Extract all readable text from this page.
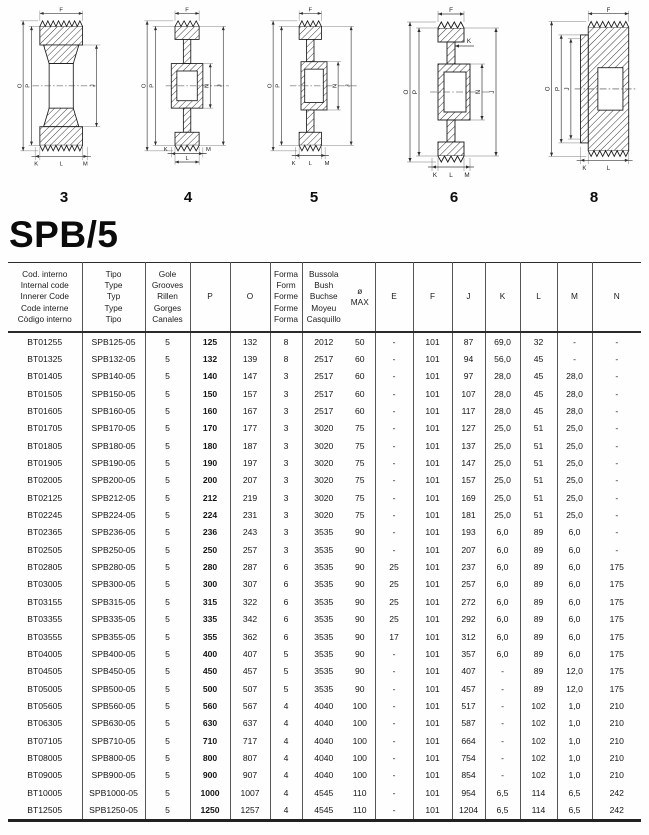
F
O P	J
K	L	M
3
F
O P	N J
K	M
L
4
F
O P	N J
K L M
5
F
O P	N J
K
K L M
6
F
O P J
K	L
8
SPB/5
Cod. interno
Internal code
Innerer Code
Code interne
Còdigo interno

Tipo
Type
Typ
Type
Tipo

Gole
Grooves
Rillen
Gorges
Canales
	P	O	
Forma
Form
Forme
Forme
Forma

Bussola
Bush
Buchse
Moyeu
Casquillo

ø
MAX
	E	F	J	K	L	M	N
BT01255	SPB125-05	5	125	132	8	2012	50	-	101	87	69,0	32	-	-
BT01325	SPB132-05	5	132	139	8	2517	60	-	101	94	56,0	45	-	-
BT01405	SPB140-05	5	140	147	3	2517	60	-	101	97	28,0	45	28,0	-
BT01505	SPB150-05	5	150	157	3	2517	60	-	101	107	28,0	45	28,0	-
BT01605	SPB160-05	5	160	167	3	2517	60	-	101	117	28,0	45	28,0	-
BT01705	SPB170-05	5	170	177	3	3020	75	-	101	127	25,0	51	25,0	-
BT01805	SPB180-05	5	180	187	3	3020	75	-	101	137	25,0	51	25,0	-
BT01905	SPB190-05	5	190	197	3	3020	75	-	101	147	25,0	51	25,0	-
BT02005	SPB200-05	5	200	207	3	3020	75	-	101	157	25,0	51	25,0	-
BT02125	SPB212-05	5	212	219	3	3020	75	-	101	169	25,0	51	25,0	-
BT02245	SPB224-05	5	224	231	3	3020	75	-	101	181	25,0	51	25,0	-
BT02365	SPB236-05	5	236	243	3	3535	90	-	101	193	6,0	89	6,0	-
BT02505	SPB250-05	5	250	257	3	3535	90	-	101	207	6,0	89	6,0	-
BT02805	SPB280-05	5	280	287	6	3535	90	25	101	237	6,0	89	6,0	175
BT03005	SPB300-05	5	300	307	6	3535	90	25	101	257	6,0	89	6,0	175
BT03155	SPB315-05	5	315	322	6	3535	90	25	101	272	6,0	89	6,0	175
BT03355	SPB335-05	5	335	342	6	3535	90	25	101	292	6,0	89	6,0	175
BT03555	SPB355-05	5	355	362	6	3535	90	17	101	312	6,0	89	6,0	175
BT04005	SPB400-05	5	400	407	5	3535	90	-	101	357	6,0	89	6,0	175
BT04505	SPB450-05	5	450	457	5	3535	90	-	101	407	-	89	12,0	175
BT05005	SPB500-05	5	500	507	5	3535	90	-	101	457	-	89	12,0	175
BT05605	SPB560-05	5	560	567	4	4040	100	-	101	517	-	102	1,0	210
BT06305	SPB630-05	5	630	637	4	4040	100	-	101	587	-	102	1,0	210
BT07105	SPB710-05	5	710	717	4	4040	100	-	101	664	-	102	1,0	210
BT08005	SPB800-05	5	800	807	4	4040	100	-	101	754	-	102	1,0	210
BT09005	SPB900-05	5	900	907	4	4040	100	-	101	854	-	102	1,0	210
BT10005	SPB1000-05	5	1000	1007	4	4545	110	-	101	954	6,5	114	6,5	242
BT12505	SPB1250-05	5	1250	1257	4	4545	110	-	101	1204	6,5	114	6,5	242
